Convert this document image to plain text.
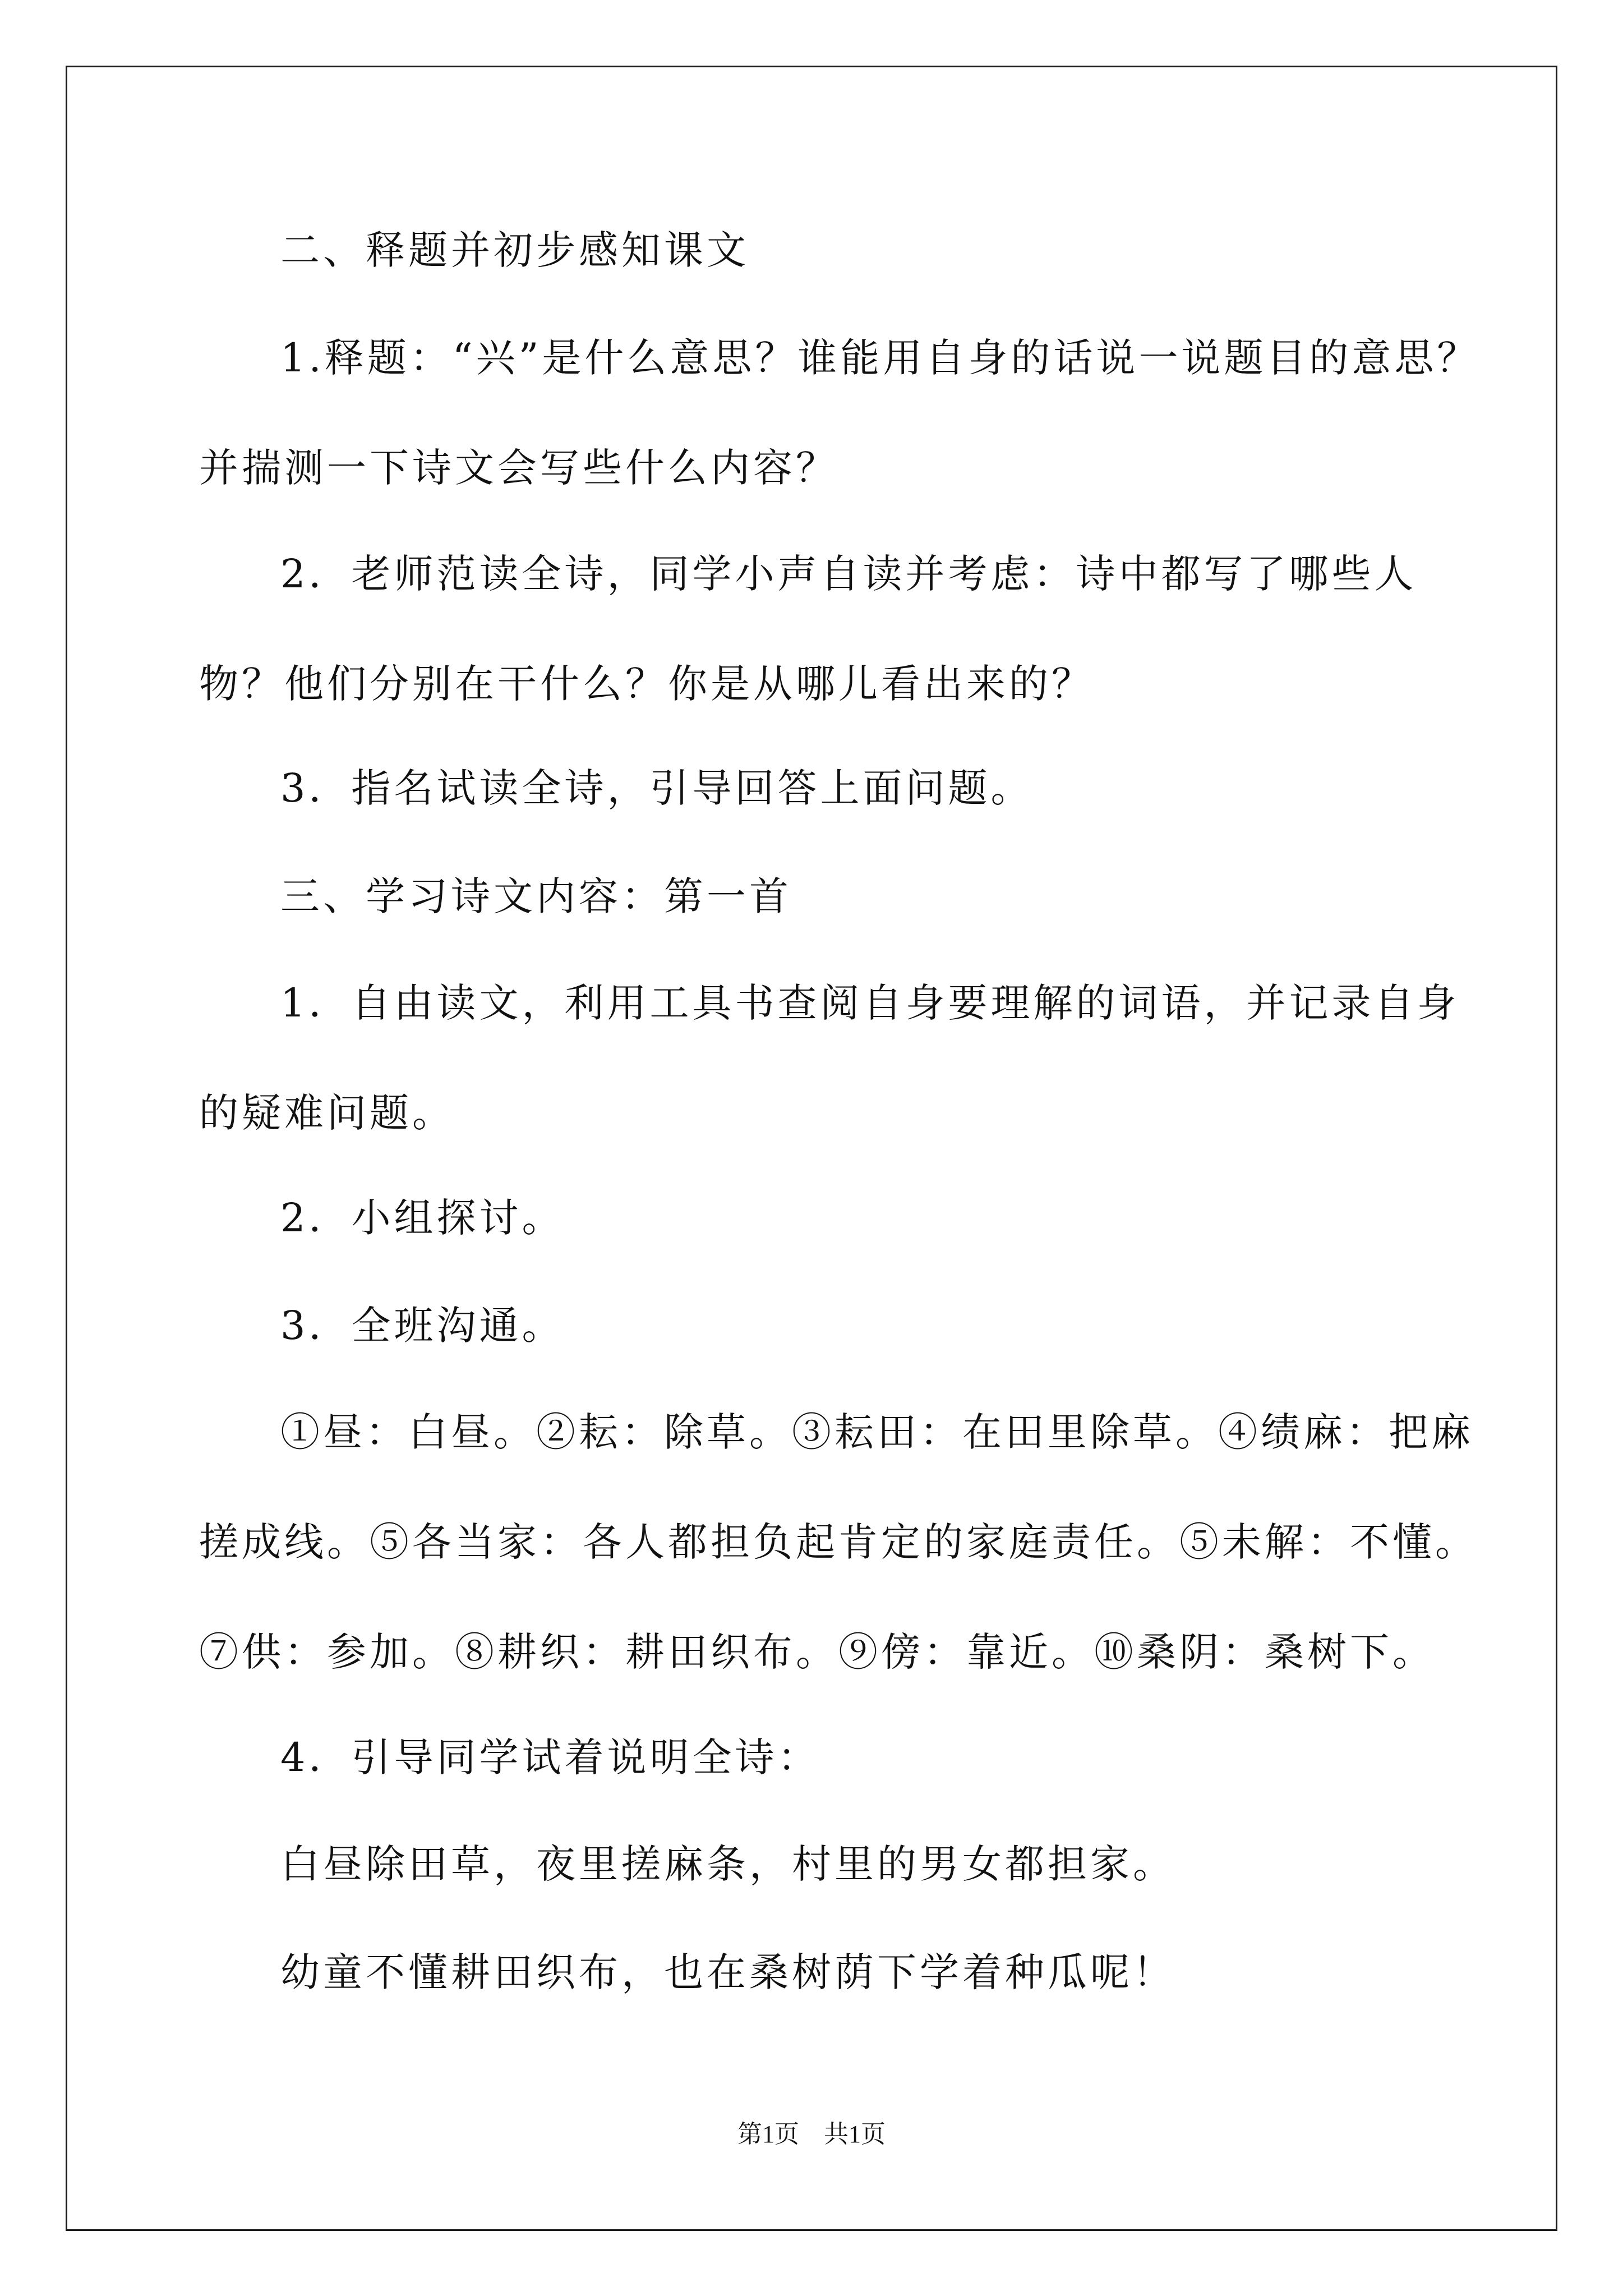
二、释题并初步感知课文
1.释题：“兴”是什么意思？谁能用自身的话说一说题目的意思？并揣测一下诗文会写些什么内容？
2．老师范读全诗，同学小声自读并考虑：诗中都写了哪些人物？他们分别在干什么？你是从哪儿看出来的？
3．指名试读全诗，引导回答上面问题。
三、学习诗文内容：第一首
1．自由读文，利用工具书查阅自身要理解的词语，并记录自身的疑难问题。
2．小组探讨。
3．全班沟通。
①昼：白昼。②耘：除草。③耘田：在田里除草。④绩麻：把麻搓成线。⑤各当家：各人都担负起肯定的家庭责任。⑤未解：不懂。⑦供：参加。⑧耕织：耕田织布。⑨傍：靠近。⑩桑阴：桑树下。
4．引导同学试着说明全诗：
白昼除田草，夜里搓麻条，村里的男女都担家。
幼童不懂耕田织布，也在桑树荫下学着种瓜呢！
第1页 共1页
